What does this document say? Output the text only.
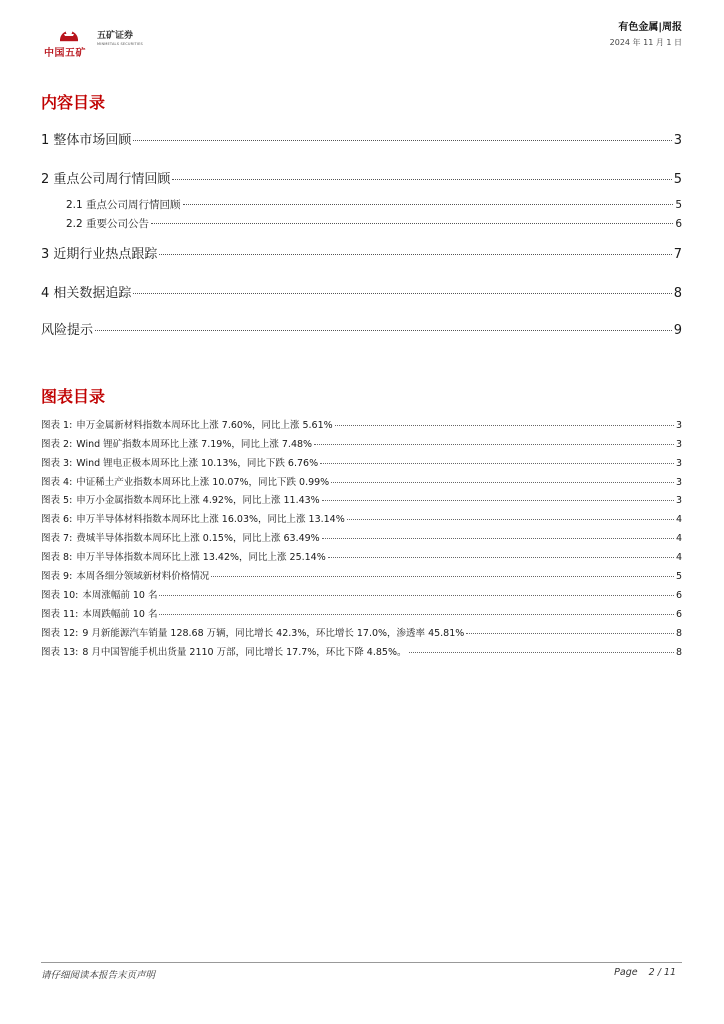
中国五矿
五矿证券
MINMETALS SECURITIES
有色金属|周报
2024 年 11 月 1 日
内容目录
1
整体市场回顾	3
2
重点公司周行情回顾	5
2.1
重点公司周行情回顾	5
2.2
重要公司公告	6
3
近期行业热点跟踪	7
4
相关数据追踪	8
风险提示	9
图表目录
图表 1: 申万金属新材料指数本周环比上涨 7.60%，同比上涨 5.61%	3
图表 2: Wind 锂矿指数本周环比上涨 7.19%，同比上涨 7.48%	3
图表 3: Wind 锂电正极本周环比上涨 10.13%，同比下跌 6.76%	3
图表 4: 中证稀土产业指数本周环比上涨 10.07%，同比下跌 0.99%	3
图表 5: 申万小金属指数本周环比上涨 4.92%，同比上涨 11.43%	3
图表 6: 申万半导体材料指数本周环比上涨 16.03%，同比上涨 13.14%	4
图表 7: 费城半导体指数本周环比上涨 0.15%，同比上涨 63.49%	4
图表 8: 申万半导体指数本周环比上涨 13.42%，同比上涨 25.14%	4
图表 9: 本周各细分领域新材料价格情况	5
图表 10: 本周涨幅前 10 名	6
图表 11: 本周跌幅前 10 名	6
图表 12: 9 月新能源汽车销量 128.68 万辆，同比增长 42.3%，环比增长 17.0%，渗透率 45.81%	8
图表 13: 8 月中国智能手机出货量 2110 万部，同比增长 17.7%，环比下降 4.85%。	8
请仔细阅读本报告末页声明	Page 2 / 11
